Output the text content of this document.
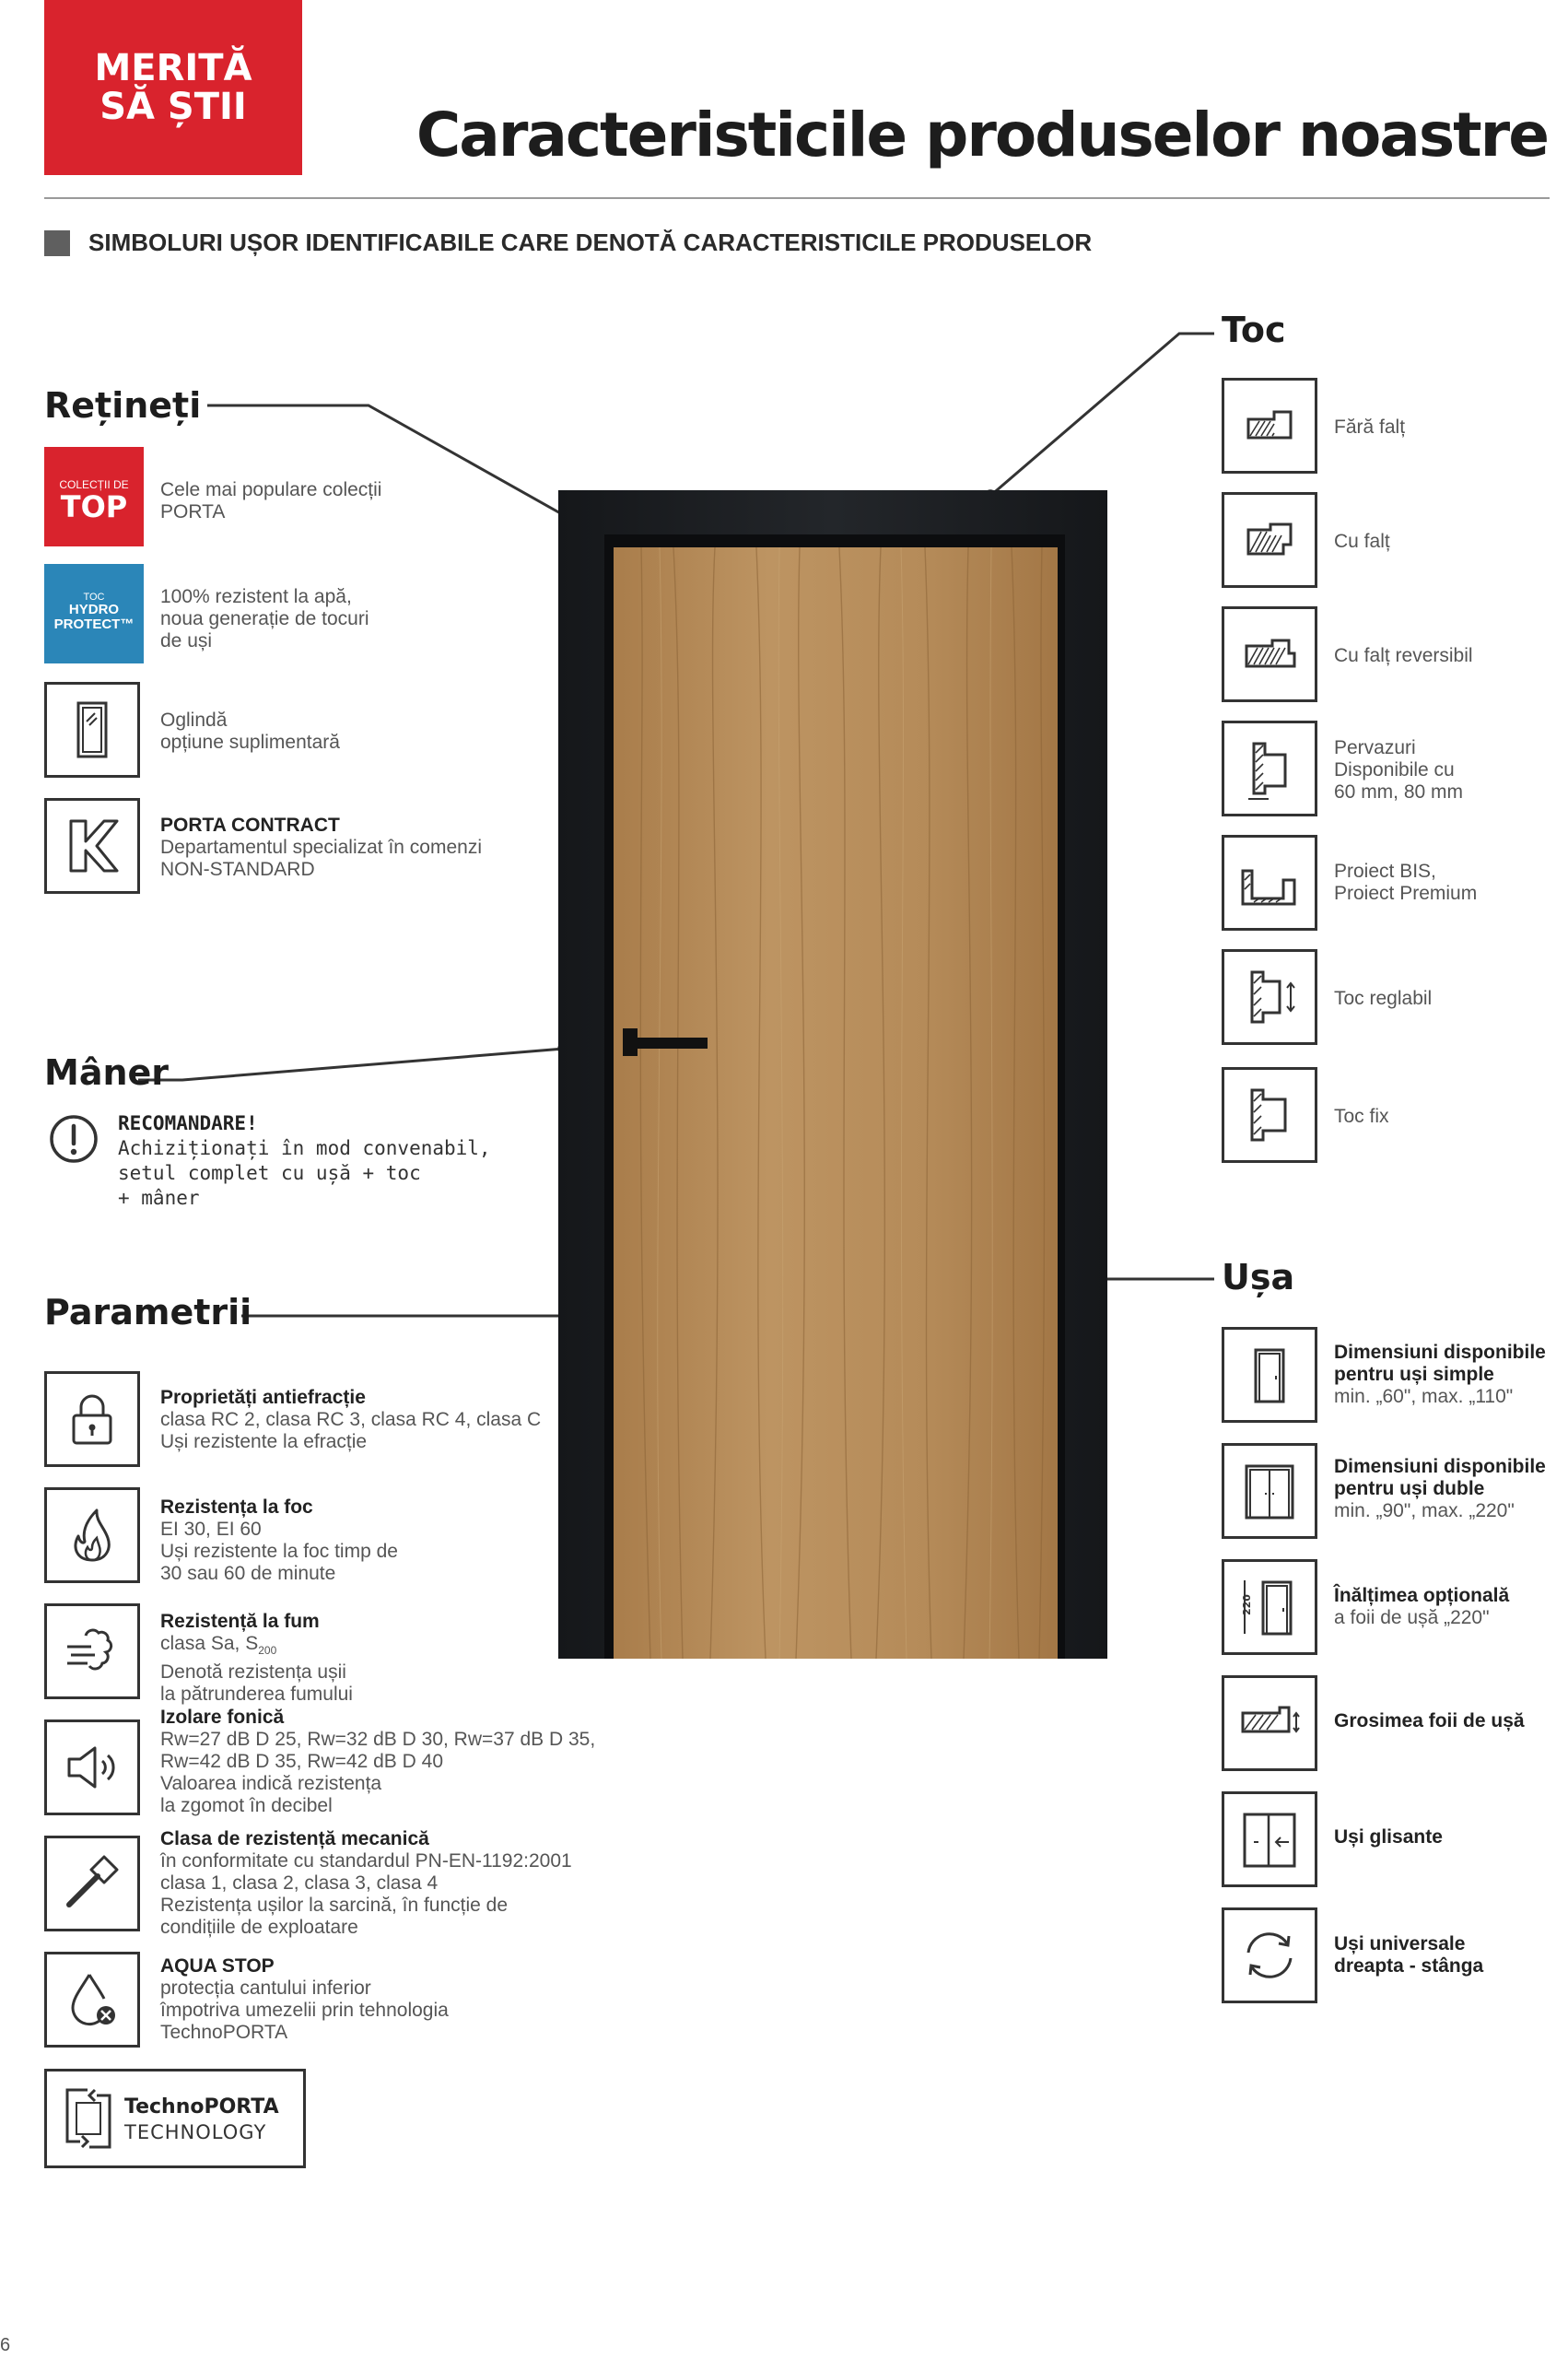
MERITĂ
SĂ ȘTII	Caracteristicile produselor noastre
SIMBOLURI UȘOR IDENTIFICABILE CARE DENOTĂ CARACTERISTICILE PRODUSELOR
Rețineți
COLECȚII DE
TOP	Cele mai populare colecții
PORTA
TOC
HYDRO
PROTECT™
100% rezistent la apă,
noua generație de tocuri
de uși
Oglindă
opțiune suplimentară
PORTA CONTRACT
Departamentul specializat în comenzi
NON-STANDARD
Mâner
RECOMANDARE!
Achiziționați în mod convenabil,
setul complet cu ușă + toc
+ mâner
Parametrii
Proprietăți antiefracție
clasa RC 2, clasa RC 3, clasa RC 4, clasa C
Uși rezistente la efracție
Rezistența la foc
EI 30, EI 60
Uși rezistente la foc timp de
30 sau 60 de minute
Rezistență la fum
clasa Sa, $S_{200}$
Denotă rezistența ușii
la pătrunderea fumului
Izolare fonică
Rw=27 dB D 25, Rw=32 dB D 30, Rw=37 dB D 35,
Rw=42 dB D 35, Rw=42 dB D 40
Valoarea indică rezistența
la zgomot în decibel
Clasa de rezistență mecanică
în conformitate cu standardul PN-EN-1192:2001
clasa 1, clasa 2, clasa 3, clasa 4
Rezistența ușilor la sarcină, în funcție de
condițiile de exploatare
AQUA STOP
protecția cantului inferior
împotriva umezelii prin tehnologia
TechnoPORTA
TechnoPORTA
TECHNOLOGY
Toc
Fără falț
Cu falț
Cu falț reversibil
Pervazuri
Disponibile cu
60 mm, 80 mm
Proiect BIS,
Proiect Premium
Toc reglabil
Toc fix
Ușa
Dimensiuni disponibile
pentru uși simple
min. „60", max. „110"
Dimensiuni disponibile
pentru uși duble
min. „90", max. „220"
220	Înălțimea opțională
a foii de ușă „220"
Grosimea foii de ușă
Uși glisante
Uși universale
dreapta - stânga
6
